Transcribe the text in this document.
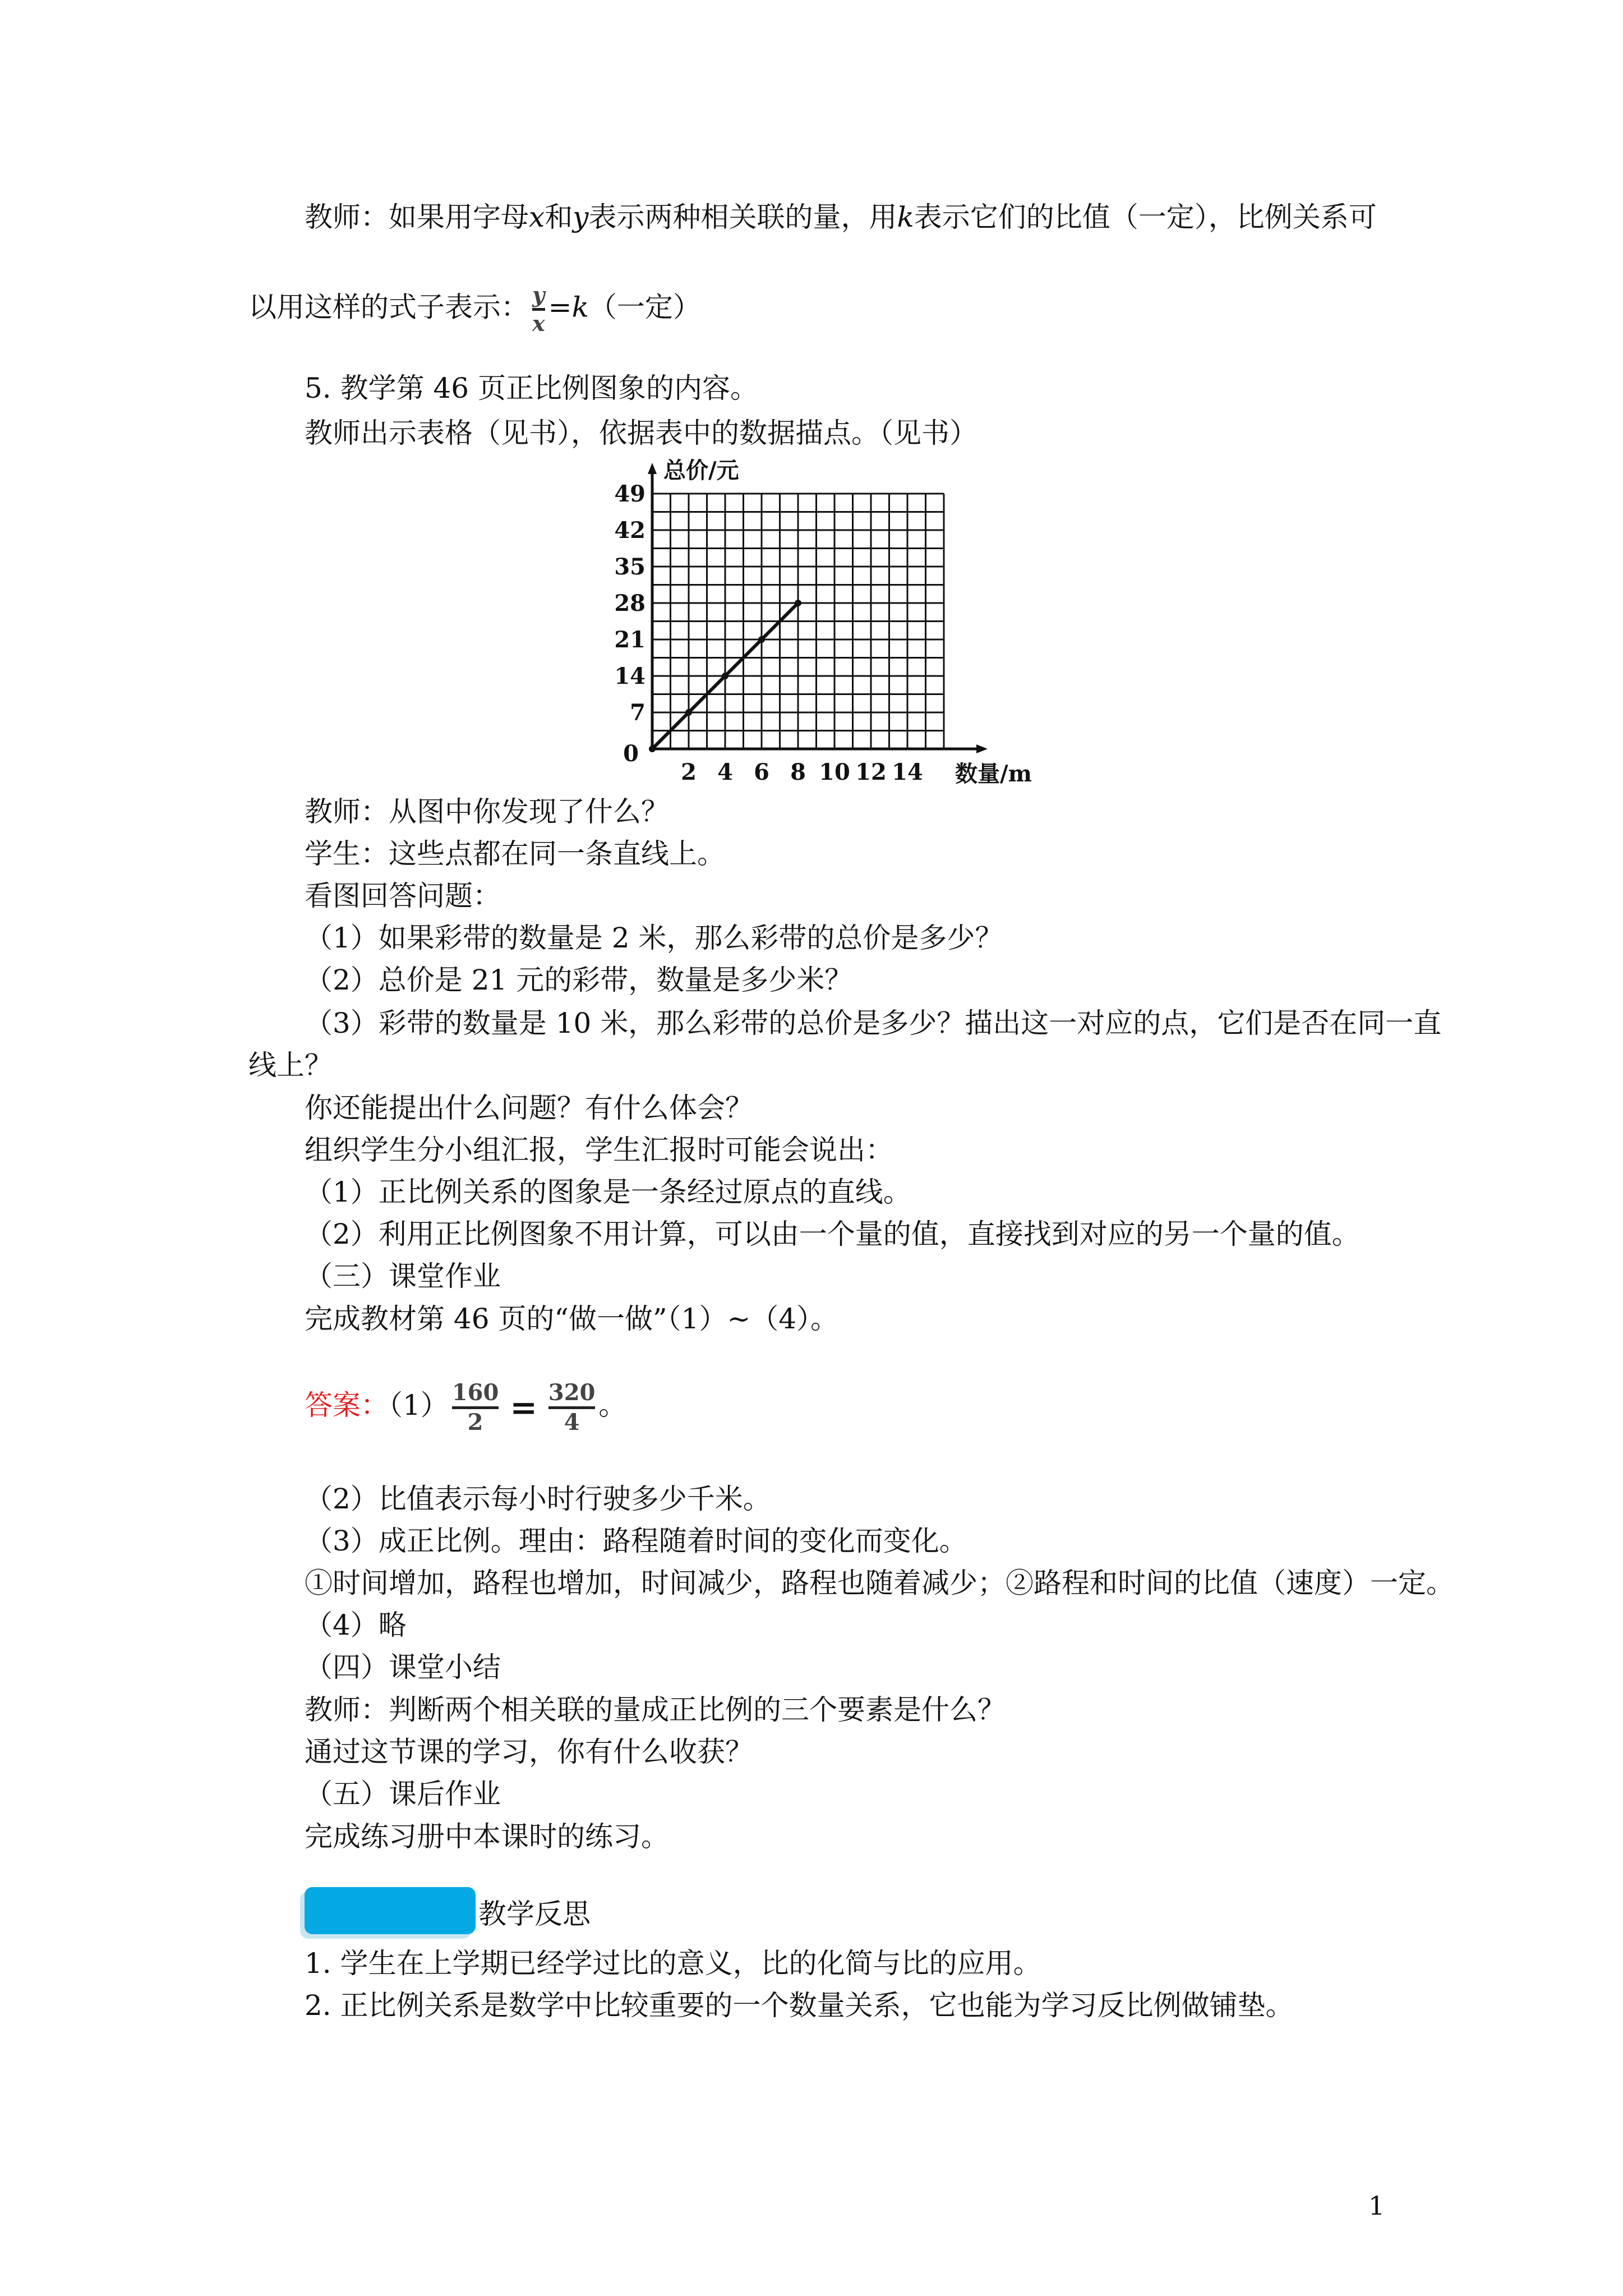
教师：如果用字母x和y表示两种相关联的量，用k表示它们的比值（一定），比例关系可
以用这样的式子表示： y
x =k（一定）
5. 教学第 46 页正比例图象的内容。
教师出示表格（见书），依据表中的数据描点。（见书）
2 4 6 8 10 12 14
7
14
21
28
35
42
49
0
数量/m
总价/元
教师：从图中你发现了什么？
学生：这些点都在同一条直线上。
看图回答问题：
（1）如果彩带的数量是 2 米，那么彩带的总价是多少？
（2）总价是 21 元的彩带，数量是多少米？
（3）彩带的数量是 10 米，那么彩带的总价是多少？描出这一对应的点，它们是否在同一直
线上？
你还能提出什么问题？有什么体会？
组织学生分小组汇报，学生汇报时可能会说出：
（1）正比例关系的图象是一条经过原点的直线。
（2）利用正比例图象不用计算，可以由一个量的值，直接找到对应的另一个量的值。
（三）课堂作业
完成教材第 46 页的“做一做”（1）~（4）。
答案：（1） 160
2 = 320
4
。
（2）比值表示每小时行驶多少千米。
（3）成正比例。理由：路程随着时间的变化而变化。
①时间增加，路程也增加，时间减少，路程也随着减少；②路程和时间的比值（速度）一定。
（4）略
（四）课堂小结
教师：判断两个相关联的量成正比例的三个要素是什么？
通过这节课的学习，你有什么收获？
（五）课后作业
完成练习册中本课时的练习。
教学反思
1. 学生在上学期已经学过比的意义，比的化简与比的应用。
2. 正比例关系是数学中比较重要的一个数量关系，它也能为学习反比例做铺垫。
1
